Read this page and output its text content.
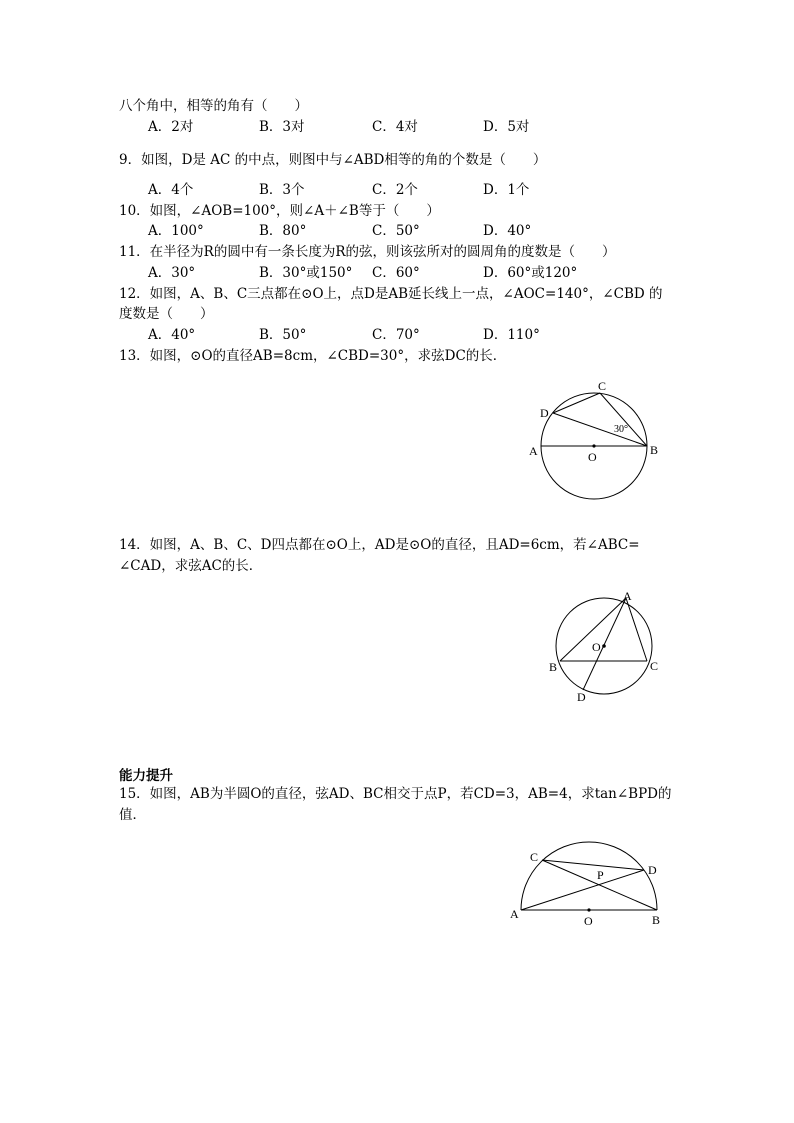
八个角中，相等的角有（　　）
A．2对	B．3对	C．4对	D．5对
9．如图，D是 AC 的中点，则图中与∠ABD相等的角的个数是（　　）
A．4个	B．3个	C．2个	D．1个
10．如图，∠AOB=100°，则∠A＋∠B等于（　　）
A．100°	B．80°	C．50°	D．40°
11．在半径为R的圆中有一条长度为R的弦，则该弦所对的圆周角的度数是（　　）
A．30°	B．30°或150° C．60°	D．60°或120°
12．如图，A、B、C三点都在⊙O上，点D是AB延长线上一点，∠AOC=140°，∠CBD 的
度数是（　　）
A．40°	B．50°	C．70°	D．110°
13．如图，⊙O的直径AB=8cm，∠CBD=30°，求弦DC的长．
A	B
C
D
O
30°
14．如图，A、B、C、D四点都在⊙O上，AD是⊙O的直径，且AD=6cm，若∠ABC=
∠CAD，求弦AC的长．
A
B	C
D
O
能力提升
15．如图，AB为半圆O的直径，弦AD、BC相交于点P，若CD=3，AB=4，求tan∠BPD的
值．
C
D
P
A	O	B
